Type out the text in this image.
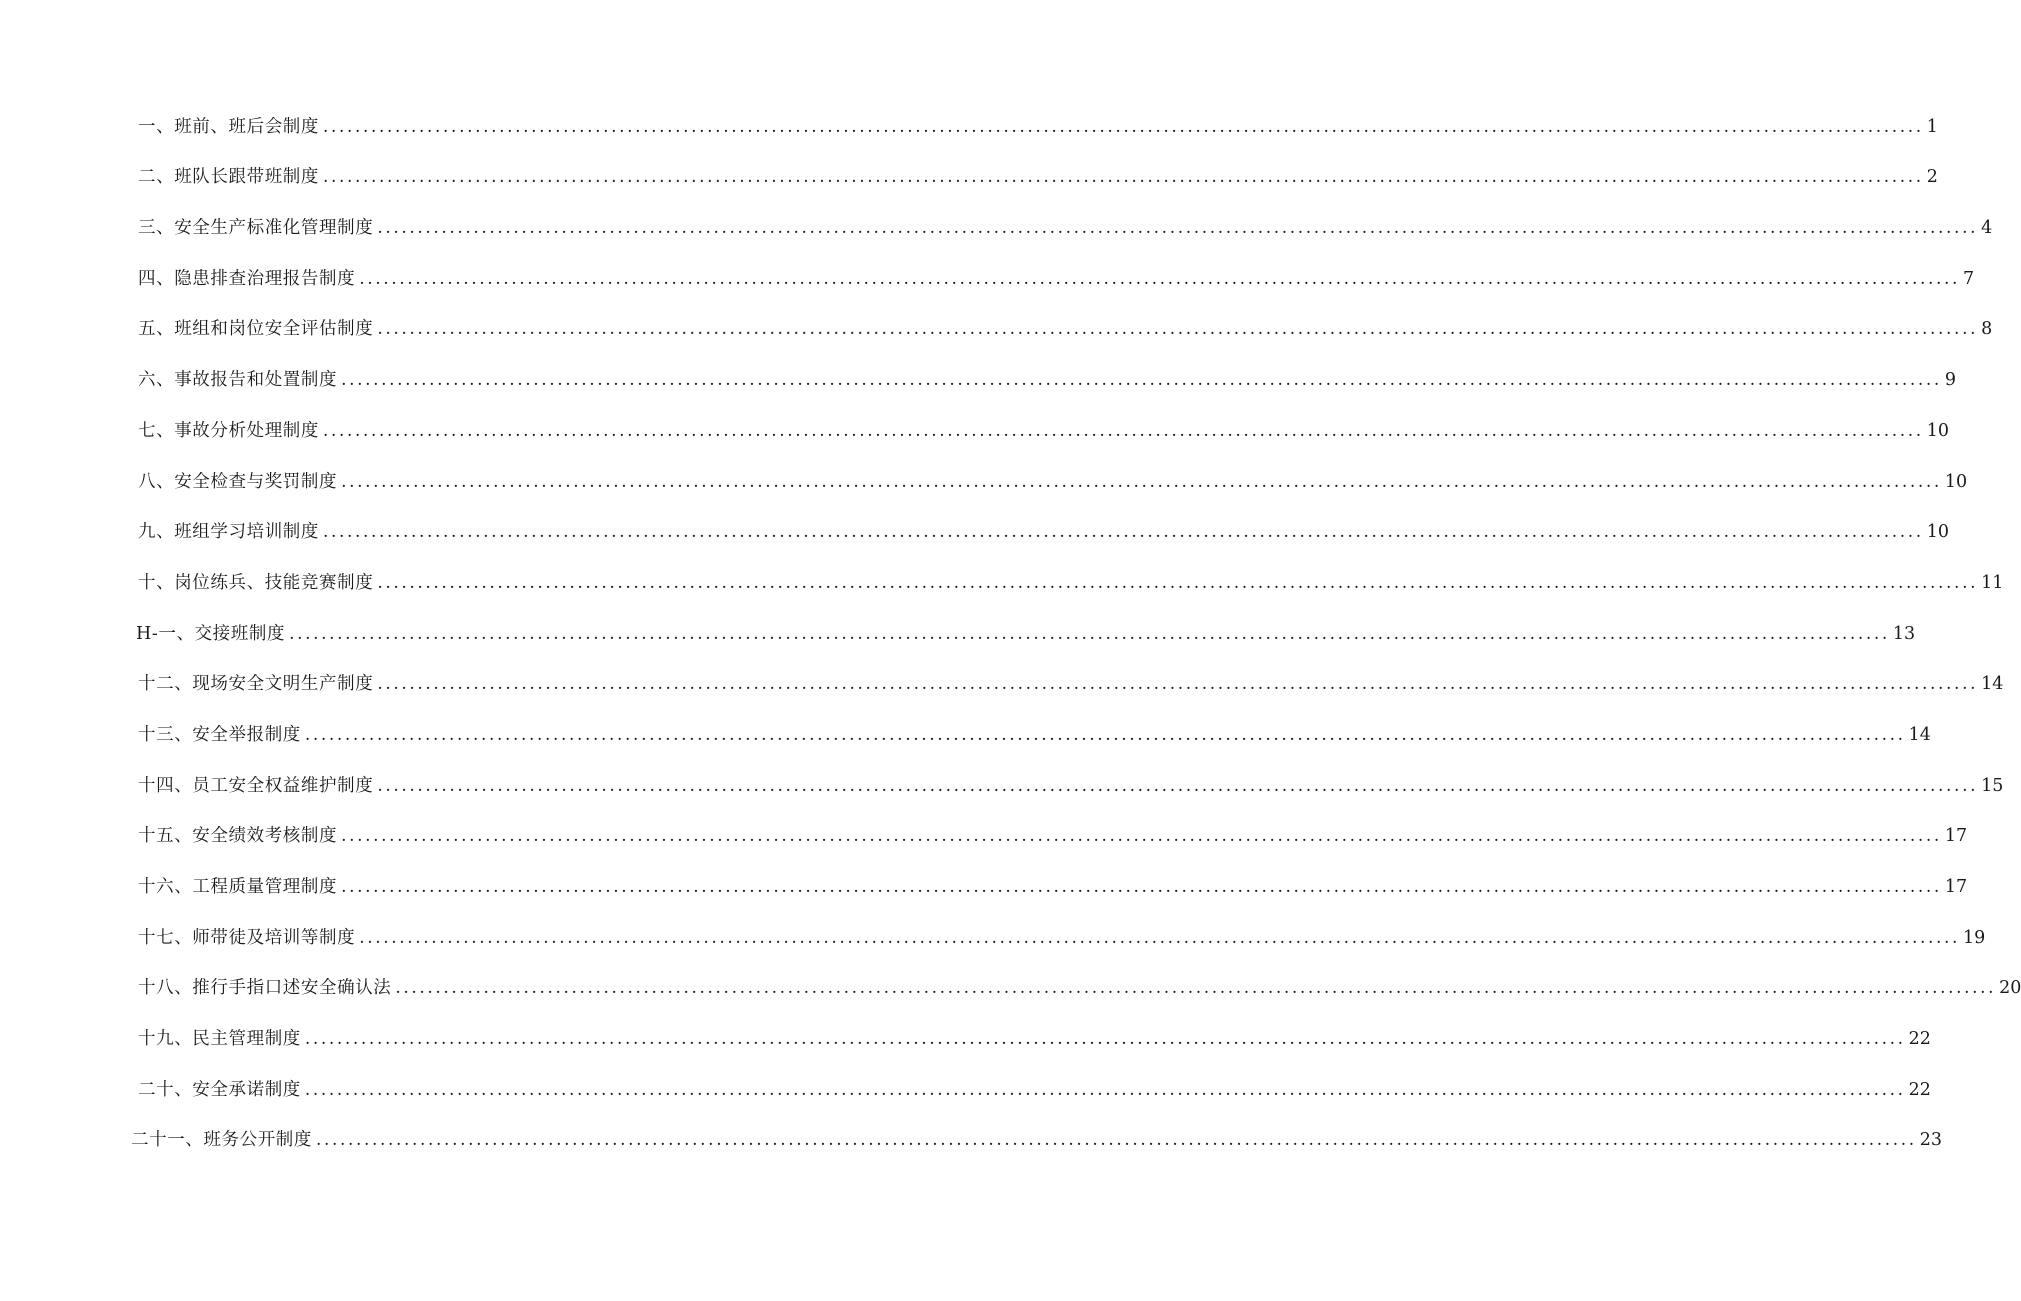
一、班前、班后会制度 ........................................................................................................................................................................................................ 1
二、班队长跟带班制度 ........................................................................................................................................................................................................ 2
三、安全生产标准化管理制度 ........................................................................................................................................................................................................ 4
四、隐患排查治理报告制度 ........................................................................................................................................................................................................ 7
五、班组和岗位安全评估制度 ........................................................................................................................................................................................................ 8
六、事故报告和处置制度 ........................................................................................................................................................................................................ 9
七、事故分析处理制度 ........................................................................................................................................................................................................ 10
八、安全检查与奖罚制度 ........................................................................................................................................................................................................ 10
九、班组学习培训制度 ........................................................................................................................................................................................................ 10
十、岗位练兵、技能竞赛制度 ........................................................................................................................................................................................................ 11
H-一、交接班制度 ........................................................................................................................................................................................................ 13
十二、现场安全文明生产制度 ........................................................................................................................................................................................................ 14
十三、安全举报制度 ........................................................................................................................................................................................................ 14
十四、员工安全权益维护制度 ........................................................................................................................................................................................................ 15
十五、安全绩效考核制度 ........................................................................................................................................................................................................ 17
十六、工程质量管理制度 ........................................................................................................................................................................................................ 17
十七、师带徒及培训等制度 ........................................................................................................................................................................................................ 19
十八、推行手指口述安全确认法 ........................................................................................................................................................................................................ 20
十九、民主管理制度 ........................................................................................................................................................................................................ 22
二十、安全承诺制度 ........................................................................................................................................................................................................ 22
二十一、班务公开制度 ........................................................................................................................................................................................................ 23
